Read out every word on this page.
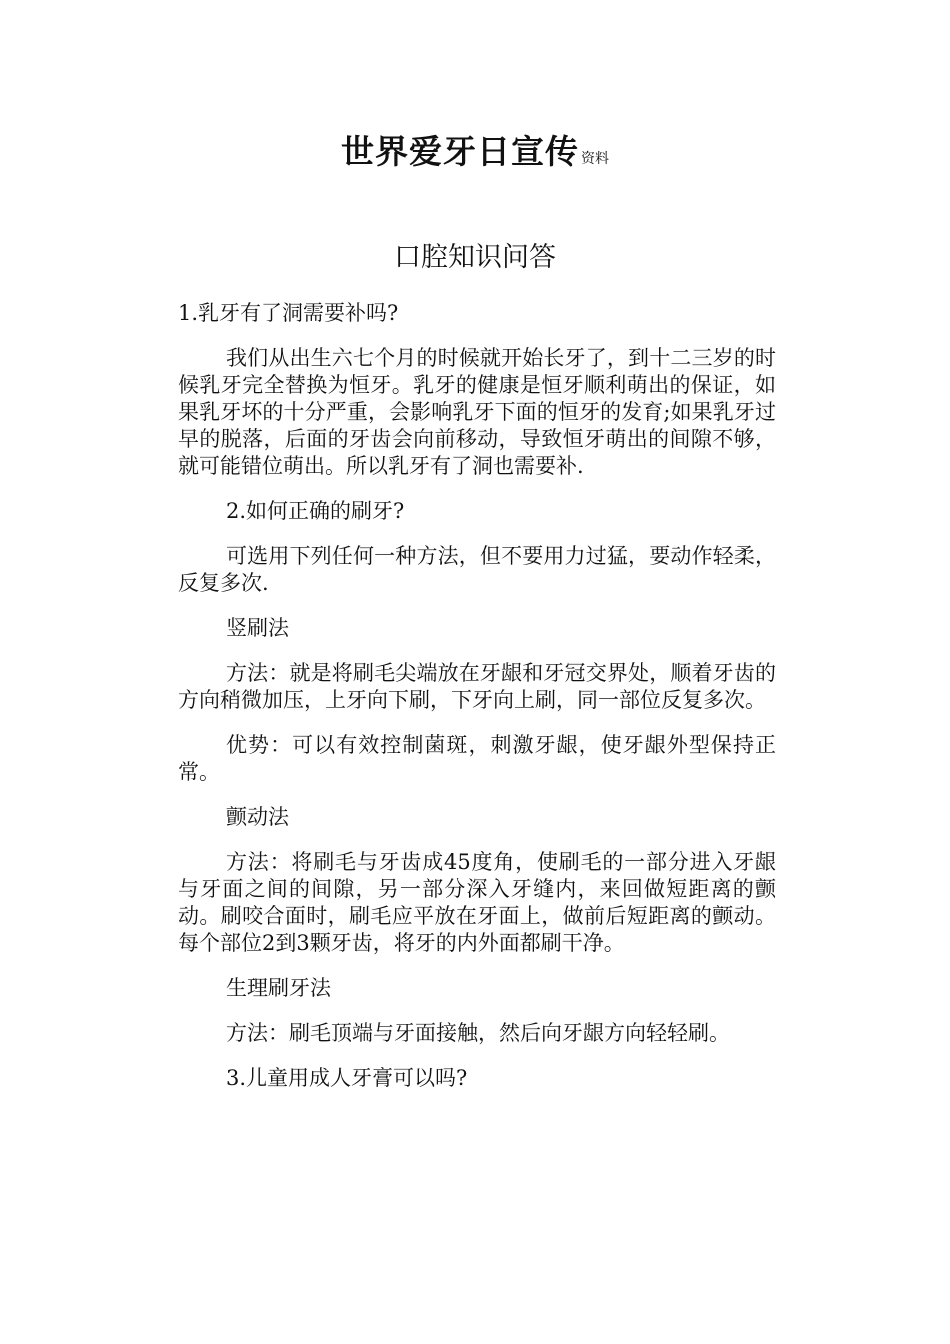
世界爱牙日宣传 资料
口腔知识问答

1.乳牙有了洞需要补吗?

我们从出生六七个月的时候就开始长牙了，到十二三岁的时候乳牙完全替换为恒牙。乳牙的健康是恒牙顺利萌出的保证，如果乳牙坏的十分严重，会影响乳牙下面的恒牙的发育;如果乳牙过早的脱落，后面的牙齿会向前移动，导致恒牙萌出的间隙不够，就可能错位萌出。所以乳牙有了洞也需要补.

2.如何正确的刷牙?

可选用下列任何一种方法，但不要用力过猛，要动作轻柔，反复多次.

竖刷法

方法：就是将刷毛尖端放在牙龈和牙冠交界处，顺着牙齿的方向稍微加压，上牙向下刷，下牙向上刷，同一部位反复多次。

优势：可以有效控制菌斑，刺激牙龈，使牙龈外型保持正常。

颤动法

方法：将刷毛与牙齿成45度角，使刷毛的一部分进入牙龈与牙面之间的间隙，另一部分深入牙缝内，来回做短距离的颤动。刷咬合面时，刷毛应平放在牙面上，做前后短距离的颤动。每个部位2到3颗牙齿，将牙的内外面都刷干净。

生理刷牙法

方法：刷毛顶端与牙面接触，然后向牙龈方向轻轻刷。

3.儿童用成人牙膏可以吗?
